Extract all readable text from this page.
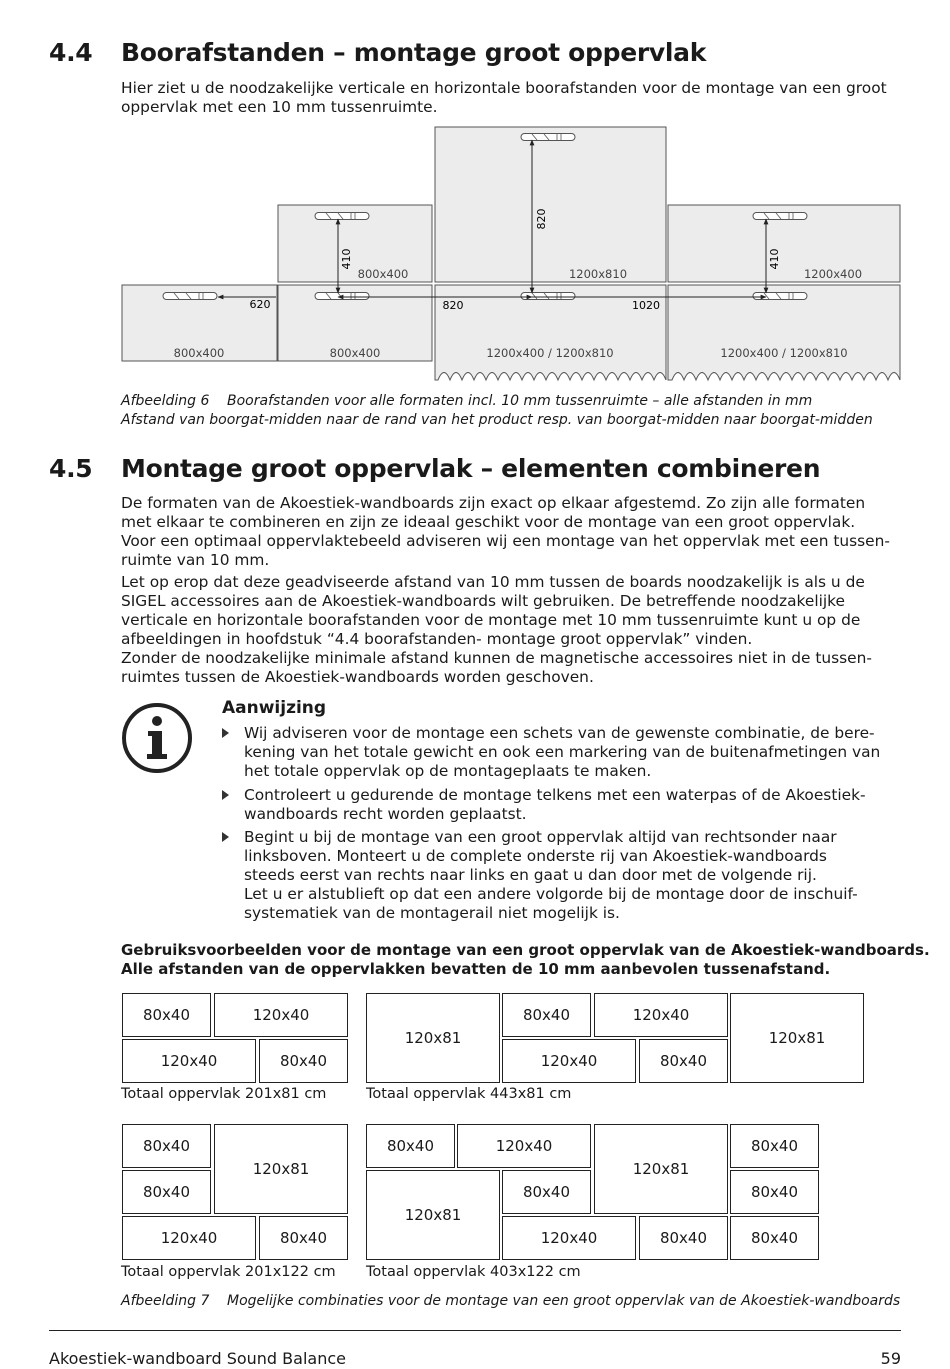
4.4 Boorafstanden – montage groot oppervlak
Hier ziet u de noodzakelijke verticale en horizontale boorafstanden voor de montage van een groot
oppervlak met een 10 mm tussenruimte.
410
820
410
620	820	1020
800x400	800x400
800x400	1200x810	1200x400
1200x400 / 1200x810	1200x400 / 1200x810
Afbeelding 6 Boorafstanden voor alle formaten incl. 10 mm tussenruimte – alle afstanden in mm
Afstand van boorgat-midden naar de rand van het product resp. van boorgat-midden naar boorgat-midden
4.5 Montage groot oppervlak – elementen combineren
De formaten van de Akoestiek-wandboards zijn exact op elkaar afgestemd. Zo zijn alle formaten
met elkaar te combineren en zijn ze ideaal geschikt voor de montage van een groot oppervlak.
Voor een optimaal oppervlaktebeeld adviseren wij een montage van het oppervlak met een tussen-
ruimte van 10 mm.
Let op erop dat deze geadviseerde afstand van 10 mm tussen de boards noodzakelijk is als u de
SIGEL accessoires aan de Akoestiek-wandboards wilt gebruiken. De betreffende noodzakelijke
verticale en horizontale boorafstanden voor de montage met 10 mm tussenruimte kunt u op de
afbeeldingen in hoofdstuk “4.4 boorafstanden- montage groot oppervlak” vinden.
Zonder de noodzakelijke minimale afstand kunnen de magnetische accessoires niet in de tussen-
ruimtes tussen de Akoestiek-wandboards worden geschoven.
Aanwijzing
Wij adviseren voor de montage een schets van de gewenste combinatie, de bere-
kening van het totale gewicht en ook een markering van de buitenafmetingen van
het totale oppervlak op de montageplaats te maken.
Controleert u gedurende de montage telkens met een waterpas of de Akoestiek-
wandboards recht worden geplaatst.
Begint u bij de montage van een groot oppervlak altijd van rechtsonder naar
linksboven. Monteert u de complete onderste rij van Akoestiek-wandboards
steeds eerst van rechts naar links en gaat u dan door met de volgende rij.
Let u er alstublieft op dat een andere volgorde bij de montage door de inschuif-
systematiek van de montagerail niet mogelijk is.
Gebruiksvoorbeelden voor de montage van een groot oppervlak van de Akoestiek-wandboards.
Alle afstanden van de oppervlakken bevatten de 10 mm aanbevolen tussenafstand.
80x40	120x40
120x40	80x40
Totaal oppervlak 201x81 cm
120x81
80x40	120x40
120x40	80x40
120x81
Totaal oppervlak 443x81 cm
80x40
80x40
120x81
120x40	80x40
Totaal oppervlak 201x122 cm
80x40	120x40
120x81
80x40
80x40
120x81
120x40	80x40
80x40
80x40
Totaal oppervlak 403x122 cm
Afbeelding 7 Mogelijke combinaties voor de montage van een groot oppervlak van de Akoestiek-wandboards
Akoestiek-wandboard Sound Balance	59
